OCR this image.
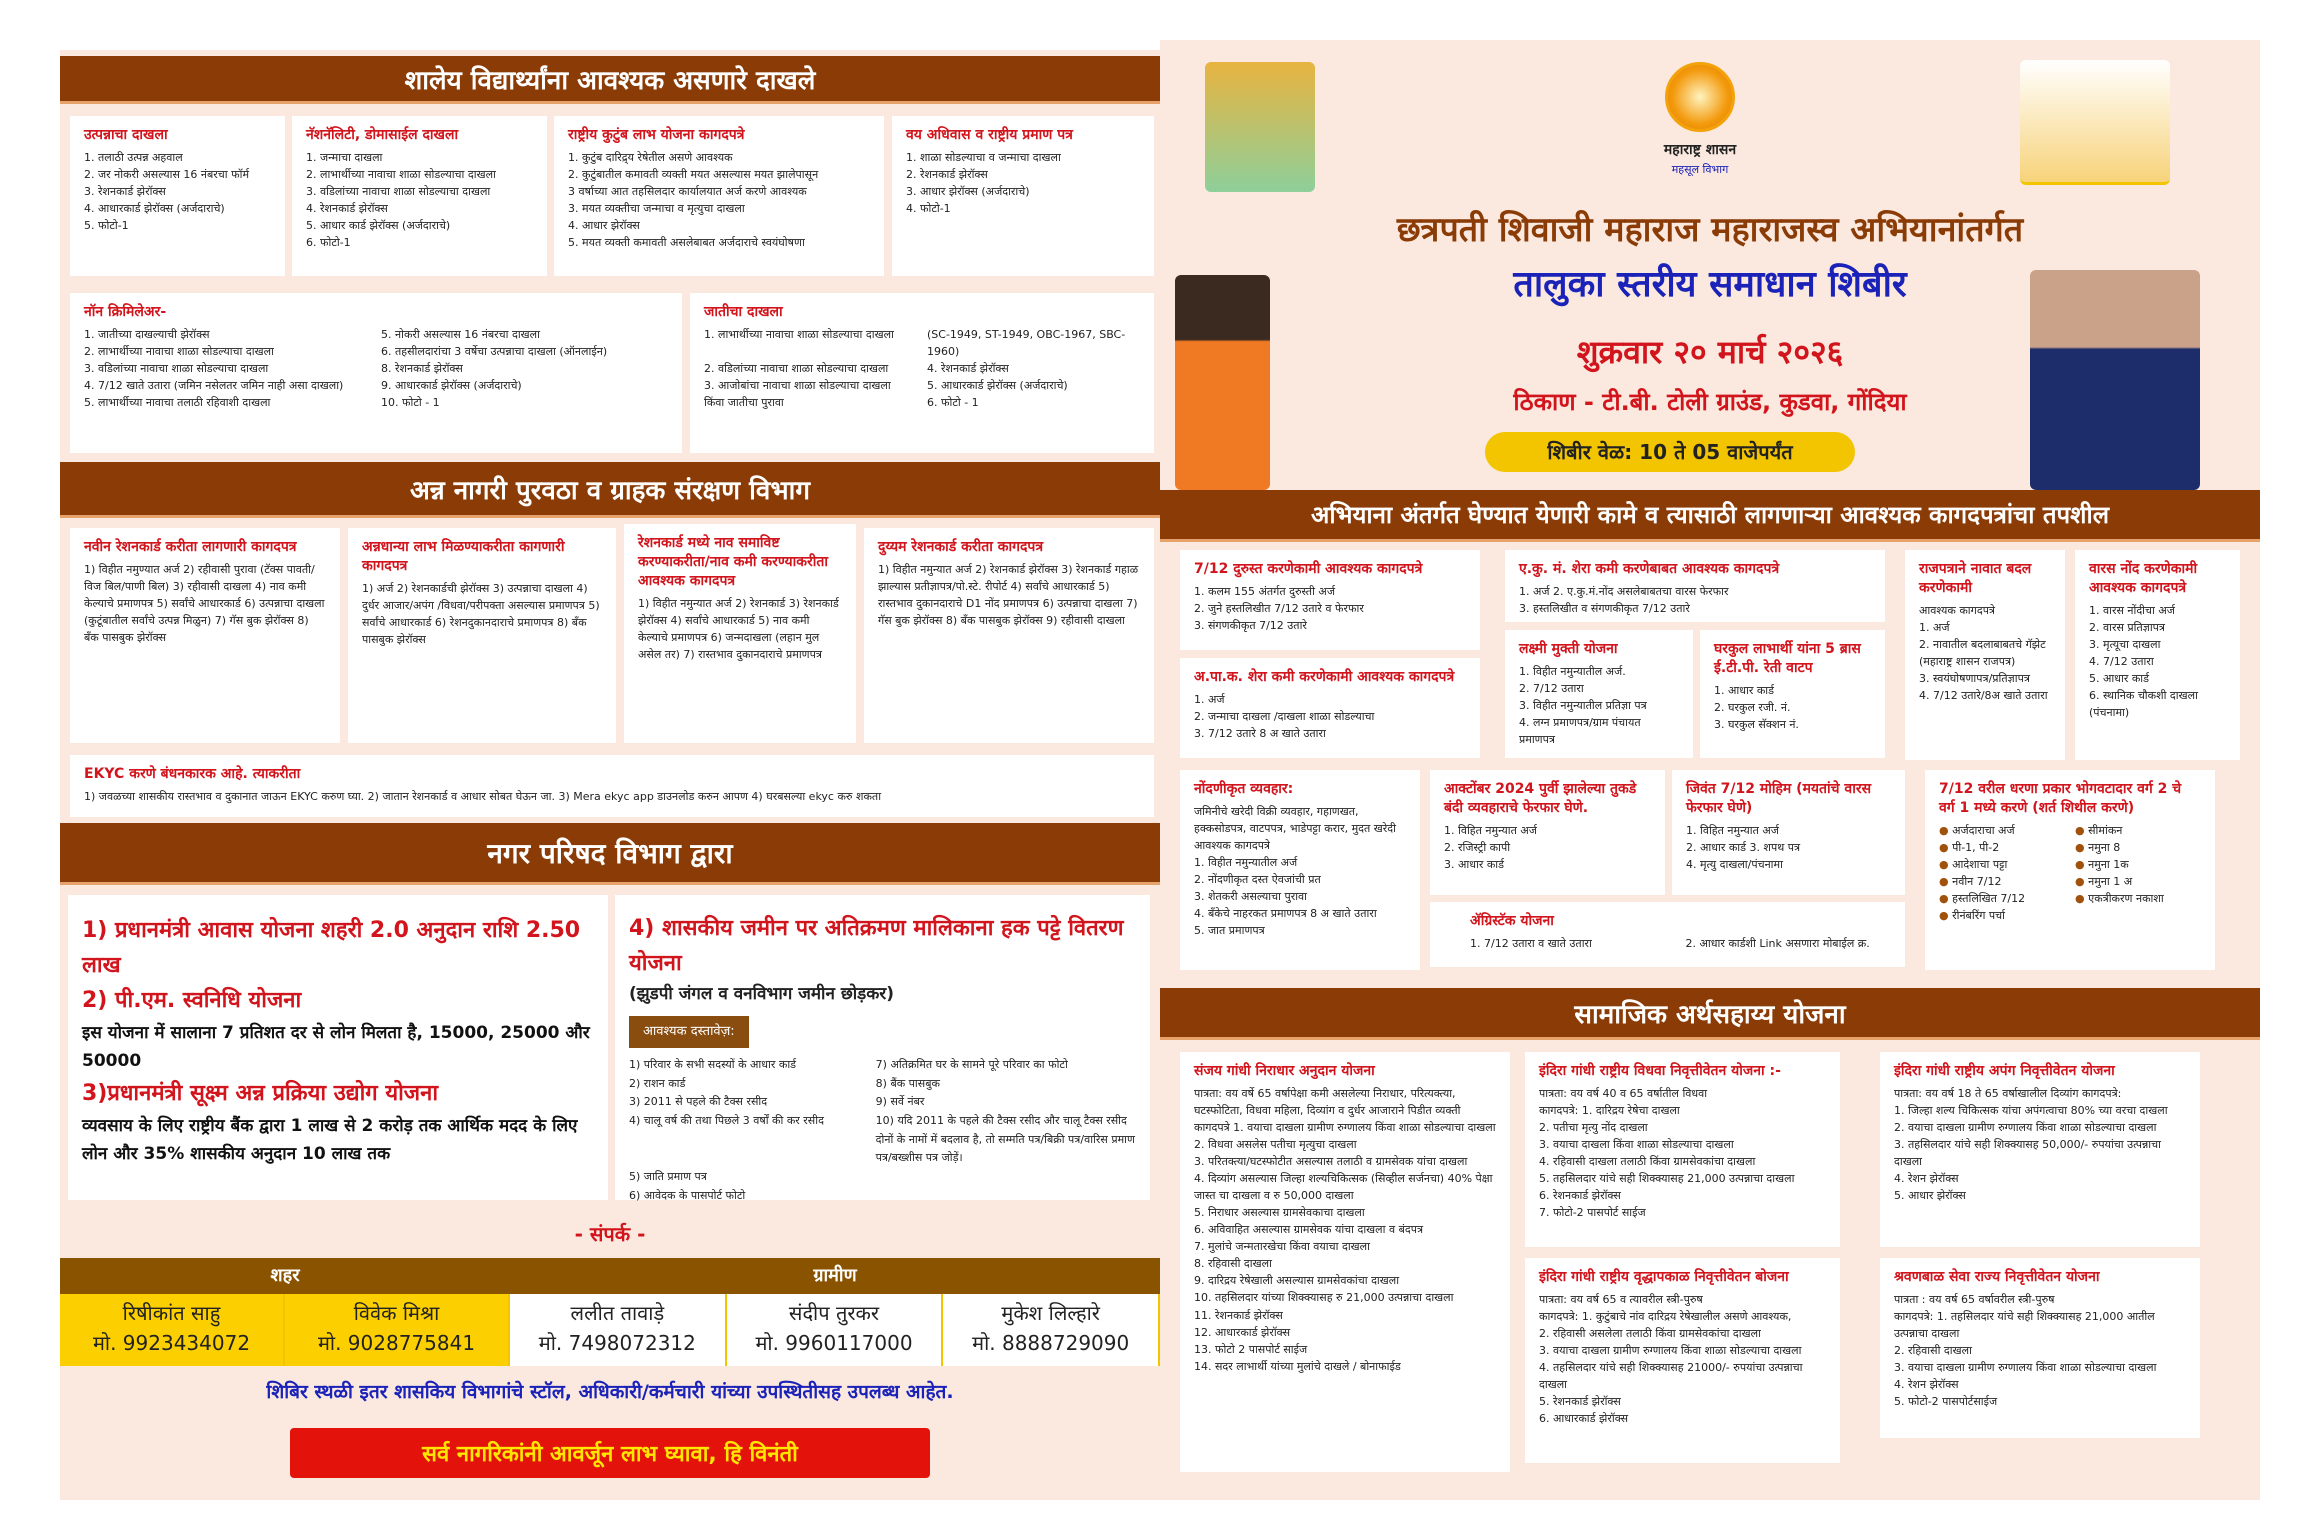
शालेय विद्यार्थ्यांना आवश्यक असणारे दाखले
उत्पन्नाचा दाखला
1. तलाठी उत्पन्न अहवाल
2. जर नोकरी असल्यास 16 नंबरचा फॉर्म
3. रेशनकार्ड झेरॉक्स
4. आधारकार्ड झेरॉक्स (अर्जदाराचे)
5. फोटो-1
नॅशनॅलिटी, डोमासाईल दाखला
1. जन्माचा दाखला
2. लाभार्थीच्या नावाचा शाळा सोडल्याचा दाखला
3. वडिलांच्या नावाचा शाळा सोडल्याचा दाखला
4. रेशनकार्ड झेरॉक्स
5. आधार कार्ड झेरॉक्स (अर्जदाराचे)
6. फोटो-1
राष्ट्रीय कुटुंब लाभ योजना कागदपत्रे
1. कुटुंब दारिद्र्य रेषेतील असणे आवश्यक
2. कुटुंबातील कमावती व्यक्ती मयत असल्यास मयत झालेपासून
3 वर्षाच्या आत तहसिलदार कार्यालयात अर्ज करणे आवश्यक
3. मयत व्यक्तीचा जन्माचा व मृत्युचा दाखला
4. आधार झेरॉक्स
5. मयत व्यक्ती कमावती असलेबाबत अर्जदाराचे स्वयंघोषणा
वय अधिवास व राष्ट्रीय प्रमाण पत्र
1. शाळा सोडल्याचा व जन्माचा दाखला
2. रेशनकार्ड झेरॉक्स
3. आधार झेरॉक्स (अर्जदाराचे)
4. फोटो-1
नॉन क्रिमिलेअर-
1. जातीच्या दाखल्याची झेरॉक्स
2. लाभार्थीच्या नावाचा शाळा सोडल्याचा दाखला
3. वडिलांच्या नावाचा शाळा सोडल्याचा दाखला
4. 7/12 खाते उतारा (जमिन नसेलतर जमिन नाही असा दाखला)
5. लाभार्थीच्या नावाचा तलाठी रहिवाशी दाखला
5. नोकरी असल्यास 16 नंबरचा दाखला
6. तहसीलदारांचा 3 वर्षेचा उत्पन्नाचा दाखला (ऑनलाईन)
8. रेशनकार्ड झेरॉक्स
9. आधारकार्ड झेरॉक्स (अर्जदाराचे)
10. फोटो - 1
जातीचा दाखला
1. लाभार्थीच्या नावाचा शाळा सोडल्याचा दाखला
2. वडिलांच्या नावाचा शाळा सोडल्याचा दाखला
3. आजोबांचा नावाचा शाळा सोडल्याचा दाखला
किंवा जातीचा पुरावा
(SC-1949, ST-1949, OBC-1967, SBC-1960)
4. रेशनकार्ड झेरॉक्स
5. आधारकार्ड झेरॉक्स (अर्जदाराचे)
6. फोटो - 1
अन्न नागरी पुरवठा व ग्राहक संरक्षण विभाग
नवीन रेशनकार्ड करीता लागणारी कागदपत्र
1) विहीत नमुण्यात अर्ज 2) रहीवासी पुरावा (टॅक्स पावती/विज बिल/पाणी बिल) 3) रहीवासी दाखला 4) नाव कमी केल्याचे प्रमाणपत्र 5) सर्वांचे आधारकार्ड 6) उत्पन्नाचा दाखला (कुटूंबातील सर्वांचे उत्पन्न मिळुन) 7) गॅस बुक झेरॉक्स 8) बँक पासबुक झेरॉक्स
अन्नधान्या लाभ मिळण्याकरीता कागणारी कागदपत्र
1) अर्ज 2) रेशनकार्डची झेरॉक्स 3) उत्पन्नाचा दाखला 4) दुर्धर आजार/अपंग /विधवा/परीपक्ता असल्यास प्रमाणपत्र 5) सर्वांचे आधारकार्ड 6) रेशनदुकानदाराचे प्रमाणपत्र 8) बँक पासबुक झेरॉक्स
रेशनकार्ड मध्ये नाव समाविष्ट करण्याकरीता/नाव कमी करण्याकरीता आवश्यक कागदपत्र
1) विहीत नमुन्यात अर्ज 2) रेशनकार्ड 3) रेशनकार्ड झेरॉक्स 4) सर्वांचे आधारकार्ड 5) नाव कमी केल्याचे प्रमाणपत्र 6) जन्मदाखला (लहान मुल असेल तर) 7) रास्तभाव दुकानदाराचे प्रमाणपत्र
दुय्यम रेशनकार्ड करीता कागदपत्र
1) विहीत नमुन्यात अर्ज 2) रेशनकार्ड झेरॉक्स 3) रेशनकार्ड गहाळ झाल्यास प्रतीज्ञापत्र/पो.स्टे. रीपोर्ट 4) सर्वांचे आधारकार्ड 5) रास्तभाव दुकानदाराचे D1 नोंद प्रमाणपत्र 6) उत्पन्नाचा दाखला 7) गॅस बुक झेरॉक्स 8) बँक पासबुक झेरॉक्स 9) रहीवासी दाखला
EKYC करणे बंधनकारक आहे. त्याकरीता
1) जवळच्या शासकीय रास्तभाव व दुकानात जाऊन EKYC करुण घ्या. 2) जातान रेशनकार्ड व आधार सोबत घेऊन जा. 3) Mera ekyc app डाउनलोड करुन आपण 4) घरबसल्या ekyc करु शकता
नगर परिषद विभाग द्वारा
1) प्रधानमंत्री आवास योजना शहरी 2.0 अनुदान राशि 2.50 लाख
2) पी.एम. स्वनिधि योजना
इस योजना में सालाना 7 प्रतिशत दर से लोन मिलता है, 15000, 25000 और 50000
3)प्रधानमंत्री सूक्ष्म अन्न प्रक्रिया उद्योग योजना
व्यवसाय के लिए राष्ट्रीय बैंक द्वारा 1 लाख से 2 करोड़ तक आर्थिक मदद के लिए लोन और 35% शासकीय अनुदान 10 लाख तक
4) शासकीय जमीन पर अतिक्रमण मालिकाना हक पट्टे वितरण योजना
(झुडपी जंगल व वनविभाग जमीन छोड़कर)
आवश्यक दस्तावेज़:
1) परिवार के सभी सदस्यों के आधार कार्ड
2) राशन कार्ड
3) 2011 से पहले की टैक्स रसीद
4) चालू वर्ष की तथा पिछले 3 वर्षों की कर रसीद
5) जाति प्रमाण पत्र
6) आवेदक के पासपोर्ट फोटो
7) अतिक्रमित घर के सामने पूरे परिवार का फोटो
8) बैंक पासबुक
9) सर्वे नंबर
10) यदि 2011 के पहले की टैक्स रसीद और चालू टैक्स रसीद दोनों के नामों में बदलाव है, तो सम्मति पत्र/बिक्री पत्र/वारिस प्रमाण पत्र/बख्शीस पत्र जोड़ें।
- संपर्क -
शहर	ग्रामीण
रिषीकांत साहु
मो. 9923434072
विवेक मिश्रा
मो. 9028775841
ललीत तावाड़े
मो. 7498072312
संदीप तुरकर
मो. 9960117000
मुकेश लिल्हारे
मो. 8888729090
शिबिर स्थळी इतर शासकिय विभागांचे स्टॉल, अधिकारी/कर्मचारी यांच्या उपस्थितीसह उपलब्ध आहेत.
सर्व नागरिकांनी आवर्जून लाभ घ्यावा, हि विनंती
महाराष्ट्र शासन
महसूल विभाग
छत्रपती शिवाजी महाराज महाराजस्व अभियानांतर्गत
तालुका स्तरीय समाधान शिबीर
शुक्रवार २० मार्च २०२६
ठिकाण - टी.बी. टोली ग्राउंड, कुडवा, गोंदिया
शिबीर वेळ: 10 ते 05 वाजेपर्यंत
अभियाना अंतर्गत घेण्यात येणारी कामे व त्यासाठी लागणाऱ्या आवश्यक कागदपत्रांचा तपशील
7/12 दुरुस्त करणेकामी आवश्यक कागदपत्रे
1. कलम 155 अंतर्गत दुरुस्ती अर्ज
2. जुने हस्तलिखीत 7/12 उतारे व फेरफार
3. संगणकीकृत 7/12 उतारे
अ.पा.क. शेरा कमी करणेकामी आवश्यक कागदपत्रे
1. अर्ज
2. जन्माचा दाखला /दाखला शाळा सोडल्याचा
3. 7/12 उतारे 8 अ खाते उतारा
ए.कु. मं. शेरा कमी करणेबाबत आवश्यक कागदपत्रे
1. अर्ज 2. ए.कु.मं.नोंद असलेबाबतचा वारस फेरफार
3. हस्तलिखीत व संगणकीकृत 7/12 उतारे
लक्ष्मी मुक्ती योजना
1. विहीत नमुन्यातील अर्ज.
2. 7/12 उतारा
3. विहीत नमुन्यातील प्रतिज्ञा पत्र
4. लग्न प्रमाणपत्र/ग्राम पंचायत प्रमाणपत्र
घरकुल लाभार्थी यांना 5 ब्रास ई.टी.पी. रेती वाटप
1. आधार कार्ड
2. घरकुल रजी. नं.
3. घरकुल सॅक्शन नं.
राजपत्राने नावात बदल करणेकामी
आवश्यक कागदपत्रे
1. अर्ज
2. नावातील बदलाबाबतचे गॅझेट (महाराष्ट्र शासन राजपत्र)
3. स्वयंघोषणापत्र/प्रतिज्ञापत्र
4. 7/12 उतारे/8अ खाते उतारा
वारस नोंद करणेकामी आवश्यक कागदपत्रे
1. वारस नोंदीचा अर्ज
2. वारस प्रतिज्ञापत्र
3. मृत्यूचा दाखला
4. 7/12 उतारा
5. आधार कार्ड
6. स्थानिक चौकशी दाखला (पंचनामा)
नोंदणीकृत व्यवहार:
जमिनीचे खरेदी विक्री व्यवहार, गहाणखत, हक्कसोडपत्र, वाटपपत्र, भाडेपट्टा करार, मुदत खरेदी
आवश्यक कागदपत्रे
1. विहीत नमुन्यातील अर्ज
2. नोंदणीकृत दस्त ऐवजांची प्रत
3. शेतकरी असल्याचा पुरावा
4. बँकेचे नाहरकत प्रमाणपत्र 8 अ खाते उतारा
5. जात प्रमाणपत्र
आक्टोंबर 2024 पुर्वी झालेल्या तुकडे बंदी व्यवहाराचे फेरफार घेणे.
1. विहित नमुन्यात अर्ज
2. रजिस्ट्री कापी
3. आधार कार्ड
जिवंत 7/12 मोहिम (मयतांचे वारस फेरफार घेणे)
1. विहित नमुन्यात अर्ज
2. आधार कार्ड 3. शपथ पत्र
4. मृत्यु दाखला/पंचनामा
ॲग्रिस्टॅक योजना
1. 7/12 उतारा व खाते उतारा	2. आधार कार्डशी Link असणारा मोबाईल क्र.
7/12 वरील धरणा प्रकार भोगवटादार वर्ग 2 चे वर्ग 1 मध्ये करणे (शर्त शिथील करणे)
● अर्जदाराचा अर्ज
● पी-1, पी-2
● आदेशाचा पट्टा
● नवीन 7/12
● हस्तलिखित 7/12
● रीनंबरिंग पर्चा
● सीमांकन
● नमुना 8
● नमुना 1क
● नमुना 1 अ
● एकत्रीकरण नकाशा
सामाजिक अर्थसहाय्य योजना
संजय गांधी निराधार अनुदान योजना
पात्रता: वय वर्षे 65 वर्षापेक्षा कमी असलेल्या निराधार, परित्यक्त्या, घटस्फोटिता, विधवा महिला, दिव्यांग व दुर्धर आजाराने पिडीत व्यक्ती
कागदपत्रे 1. वयाचा दाखला ग्रामीण रुग्णालय किंवा शाळा सोडल्याचा दाखला
2. विधवा असलेस पतीचा मृत्युचा दाखला
3. परितक्त्या/घटस्फोटीत असल्यास तलाठी व ग्रामसेवक यांचा दाखला
4. दिव्यांग असल्यास जिल्हा शल्यचिकित्सक (सिव्हील सर्जनचा) 40% पेक्षा जास्त चा दाखला व रु 50,000 दाखला
5. निराधार असल्यास ग्रामसेवकाचा दाखला
6. अविवाहित असल्यास ग्रामसेवक यांचा दाखला व बंदपत्र
7. मुलांचे जन्मतारखेचा किंवा वयाचा दाखला
8. रहिवासी दाखला
9. दारिद्रय रेषेखाली असल्यास ग्रामसेवकांचा दाखला
10. तहसिलदार यांच्या शिक्क्यासह रु 21,000 उत्पन्नाचा दाखला
11. रेशनकार्ड झेरॉक्स
12. आधारकार्ड झेरॉक्स
13. फोटो 2 पासपोर्ट साईज
14. सदर लाभार्थी यांच्या मुलांचे दाखले / बोनाफाईड
इंदिरा गांधी राष्ट्रीय विधवा निवृत्तीवेतन योजना :-
पात्रता: वय वर्ष 40 व 65 वर्षातील विधवा
कागदपत्रे: 1. दारिद्रय रेषेचा दाखला
2. पतीचा मृत्यु नोंद दाखला
3. वयाचा दाखला किंवा शाळा सोडल्याचा दाखला
4. रहिवासी दाखला तलाठी किंवा ग्रामसेवकांचा दाखला
5. तहसिलदार यांचे सही शिक्क्यासह 21,000 उत्पन्नाचा दाखला
6. रेशनकार्ड झेरॉक्स
7. फोटो-2 पासपोर्ट साईज
इंदिरा गांधी राष्ट्रीय वृद्धापकाळ निवृत्तीवेतन बोजना
पात्रता: वय वर्ष 65 व त्यावरील स्त्री-पुरुष
कागदपत्रे: 1. कुटुंबाचे नांव दारिद्रय रेषेखालील असणे आवश्यक,
2. रहिवासी असलेला तलाठी किंवा ग्रामसेवकांचा दाखला
3. वयाचा दाखला ग्रामीण रुग्णालय किंवा शाळा सोडल्याचा दाखला
4. तहसिलदार यांचे सही शिक्क्यासह 21000/- रुपयांचा उत्पन्नाचा दाखला
5. रेशनकार्ड झेरॉक्स
6. आधारकार्ड झेरॉक्स
इंदिरा गांधी राष्ट्रीय अपंग निवृत्तीवेतन योजना
पात्रता: वय वर्ष 18 ते 65 वर्षाखालील दिव्यांग कागदपत्रे:
1. जिल्हा शल्य चिकित्सक यांचा अपंगत्वाचा 80% च्या वरचा दाखला
2. वयाचा दाखला ग्रामीण रुग्णालय किंवा शाळा सोडल्याचा दाखला
3. तहसिलदार यांचे सही शिक्क्यासह 50,000/- रुपयांचा उत्पन्नाचा दाखला
4. रेशन झेरॉक्स
5. आधार झेरॉक्स
श्रवणबाळ सेवा राज्य निवृत्तीवेतन योजना
पात्रता : वय वर्ष 65 वर्षावरील स्त्री-पुरुष
कागदपत्रे: 1. तहसिलदार यांचे सही शिक्क्यासह 21,000 आतील उत्पन्नाचा दाखला
2. रहिवासी दाखला
3. वयाचा दाखला ग्रामीण रुग्णालय किंवा शाळा सोडल्याचा दाखला
4. रेशन झेरॉक्स
5. फोटो-2 पासपोर्टसाईज
